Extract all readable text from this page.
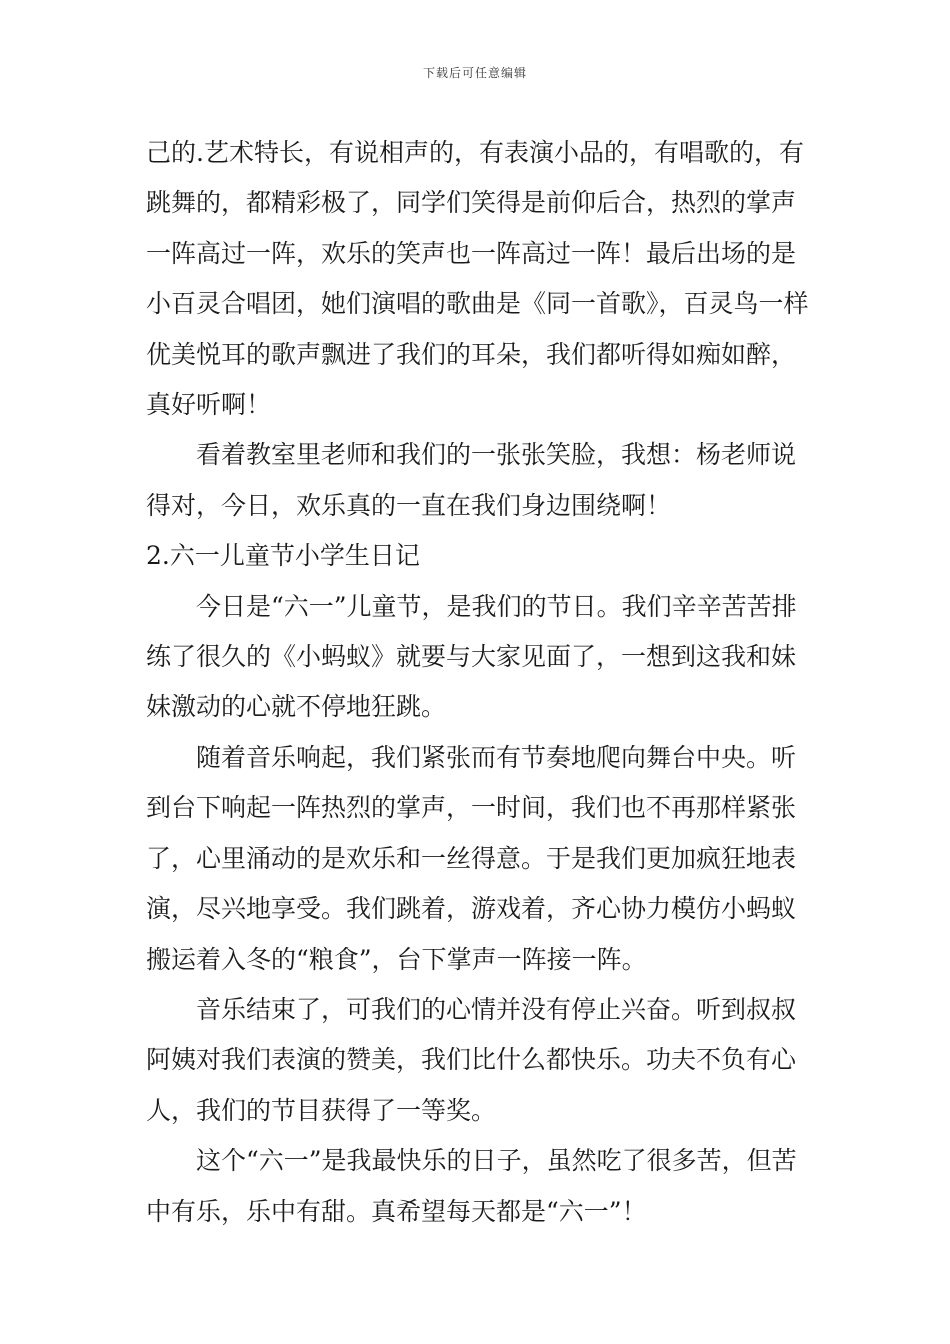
下载后可任意编辑

己的.艺术特长，有说相声的，有表演小品的，有唱歌的，有跳舞的，都精彩极了，同学们笑得是前仰后合，热烈的掌声一阵高过一阵，欢乐的笑声也一阵高过一阵！最后出场的是小百灵合唱团，她们演唱的歌曲是《同一首歌》，百灵鸟一样优美悦耳的歌声飘进了我们的耳朵，我们都听得如痴如醉，真好听啊！

看着教室里老师和我们的一张张笑脸，我想：杨老师说得对，今日，欢乐真的一直在我们身边围绕啊！

2.六一儿童节小学生日记

今日是“六一”儿童节，是我们的节日。我们辛辛苦苦排练了很久的《小蚂蚁》就要与大家见面了，一想到这我和妹妹激动的心就不停地狂跳。

随着音乐响起，我们紧张而有节奏地爬向舞台中央。听到台下响起一阵热烈的掌声，一时间，我们也不再那样紧张了，心里涌动的是欢乐和一丝得意。于是我们更加疯狂地表演，尽兴地享受。我们跳着，游戏着，齐心协力模仿小蚂蚁搬运着入冬的“粮食”，台下掌声一阵接一阵。

音乐结束了，可我们的心情并没有停止兴奋。听到叔叔阿姨对我们表演的赞美，我们比什么都快乐。功夫不负有心人，我们的节目获得了一等奖。

这个“六一”是我最快乐的日子，虽然吃了很多苦，但苦中有乐，乐中有甜。真希望每天都是“六一”！
